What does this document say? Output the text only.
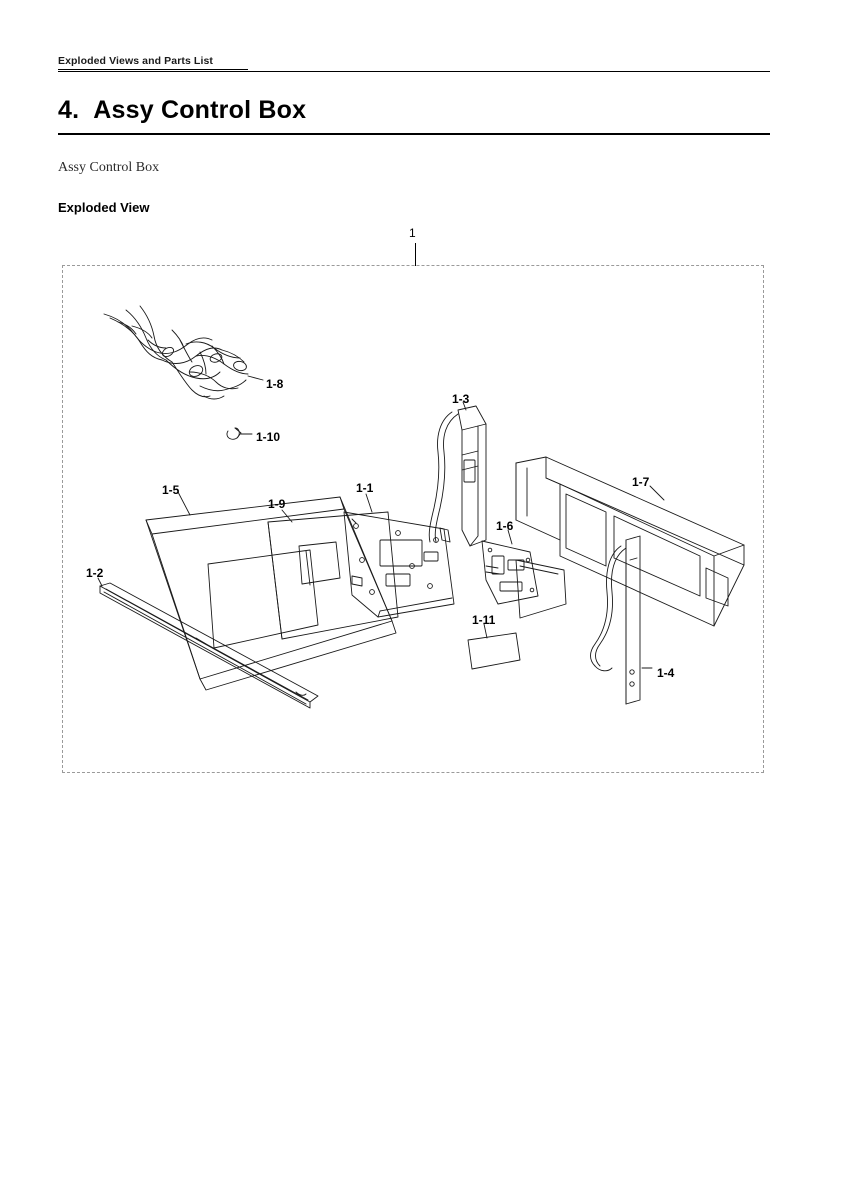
Exploded Views and Parts List
4. Assy Control Box
Assy Control Box
Exploded View
1
1-8
1-10
1-3
1-5
1-9
1-1	1-7
1-6
1-2
1-11
1-4
